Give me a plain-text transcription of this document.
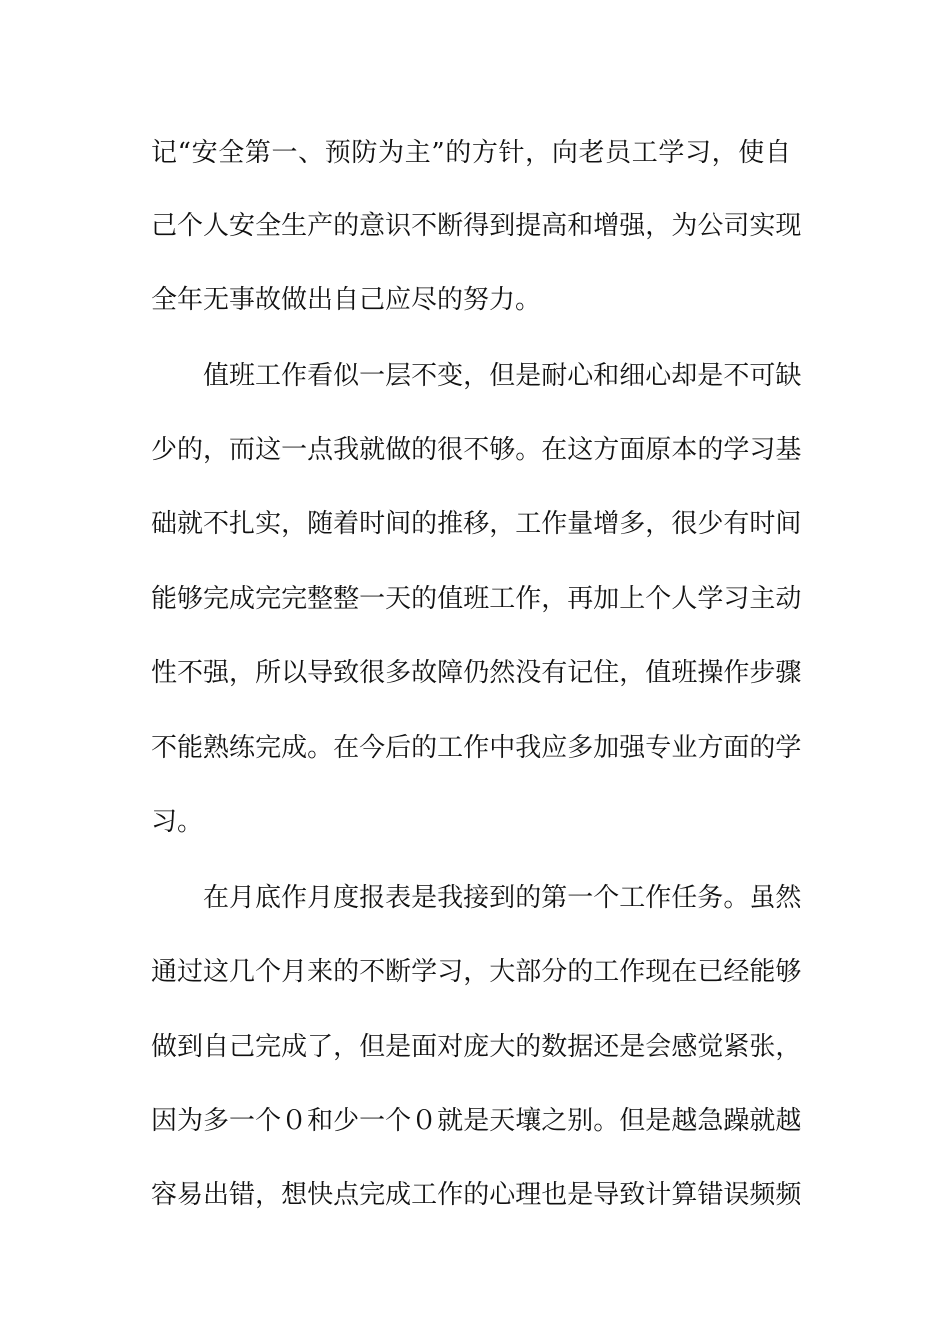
记 “ 安 全 第 一 、 预 防 为 主 ” 的 方 针 ， 向 老 员 工 学 习 ， 使 自
己 个 人 安 全 生 产 的 意 识 不 断 得 到 提 高 和 增 强 ， 为 公 司 实 现
全年无事故做出自己应尽的努力。
值 班 工 作 看 似 一 层 不 变 ， 但 是 耐 心 和 细 心 却 是 不 可 缺
少 的 ， 而 这 一 点 我 就 做 的 很 不 够 。 在 这 方 面 原 本 的 学 习 基
础 就 不 扎 实 ， 随 着 时 间 的 推 移 ， 工 作 量 增 多 ， 很 少 有 时 间
能 够 完 成 完 完 整 整 一 天 的 值 班 工 作 ， 再 加 上 个 人 学 习 主 动
性 不 强 ， 所 以 导 致 很 多 故 障 仍 然 没 有 记 住 ， 值 班 操 作 步 骤
不 能 熟 练 完 成 。 在 今 后 的 工 作 中 我 应 多 加 强 专 业 方 面 的 学
习。
在 月 底 作 月 度 报 表 是 我 接 到 的 第 一 个 工 作 任 务 。 虽 然
通 过 这 几 个 月 来 的 不 断 学 习 ， 大 部 分 的 工 作 现 在 已 经 能 够
做 到 自 己 完 成 了 ， 但 是 面 对 庞 大 的 数 据 还 是 会 感 觉 紧 张 ，
因 为 多 一 个 ０ 和 少 一 个 ０ 就 是 天 壤 之 别 。 但 是 越 急 躁 就 越
容 易 出 错 ， 想 快 点 完 成 工 作 的 心 理 也 是 导 致 计 算 错 误 频 频
